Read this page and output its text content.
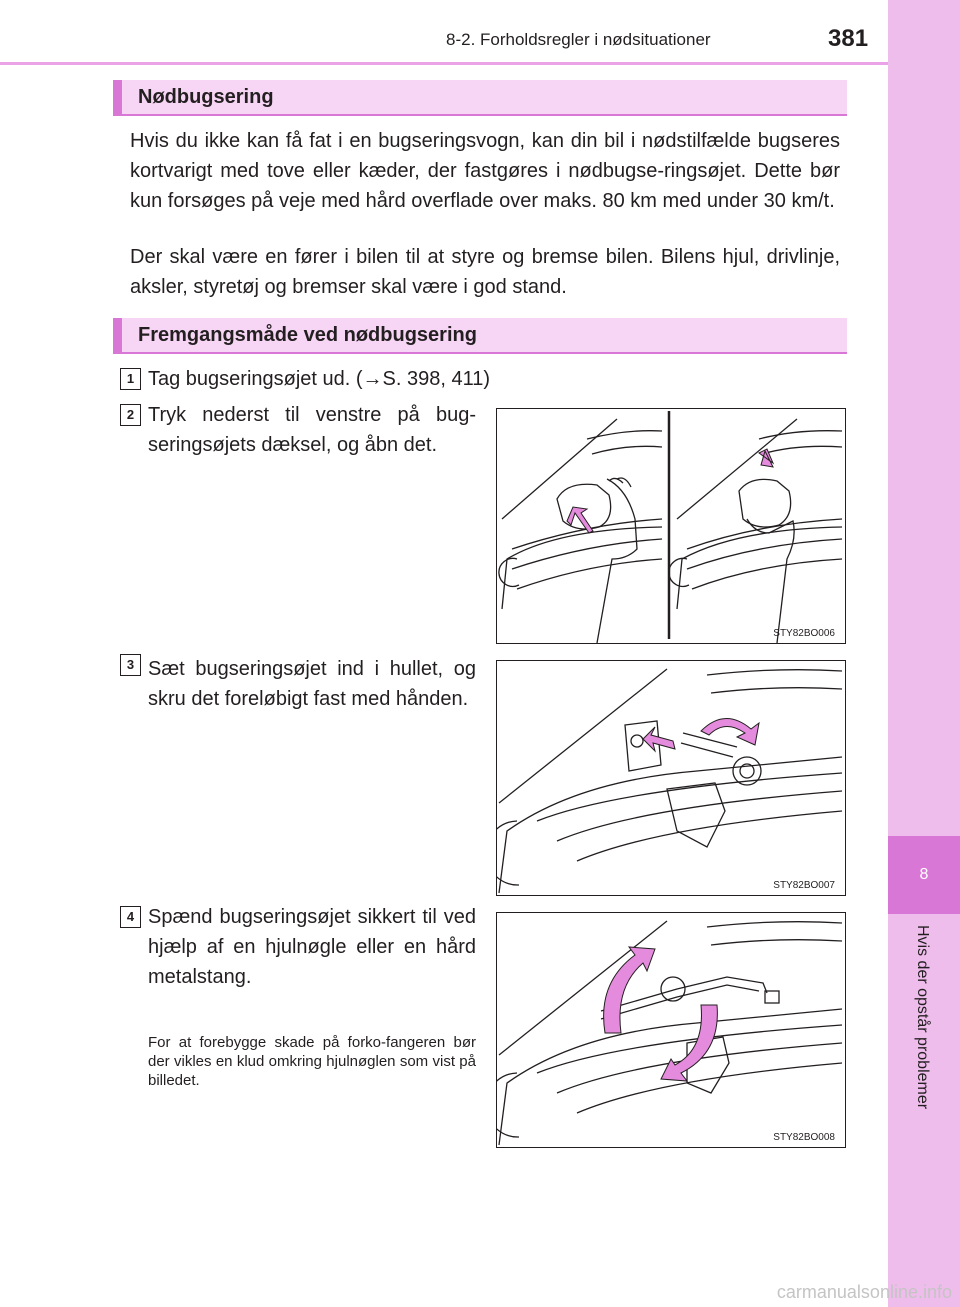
8-2. Forholdsregler i nødsituationer	381
8
Hvis der opstår problemer
Nødbugsering

Hvis du ikke kan få fat i en bugseringsvogn, kan din bil i nødstilfælde bugseres kortvarigt med tove eller kæder, der fastgøres i nødbugse-ringsøjet. Dette bør kun forsøges på veje med hård overflade over maks. 80 km med under 30 km/t.

Der skal være en fører i bilen til at styre og bremse bilen. Bilens hjul, drivlinje, aksler, styretøj og bremser skal være i god stand.

Fremgangsmåde ved nødbugsering
1 Tag bugseringsøjet ud. (→S. 398, 411)

2 Tryk nederst til venstre på bug-seringsøjets dæksel, og åbn det.

STY82BO006
3 Sæt bugseringsøjet ind i hullet, og skru det foreløbigt fast med hånden.

STY82BO007
4 Spænd bugseringsøjet sikkert til ved hjælp af en hjulnøgle eller en hård metalstang.

For at forebygge skade på forko-fangeren bør der vikles en klud omkring hjulnøglen som vist på billedet.

STY82BO008
carmanualsonline.info
